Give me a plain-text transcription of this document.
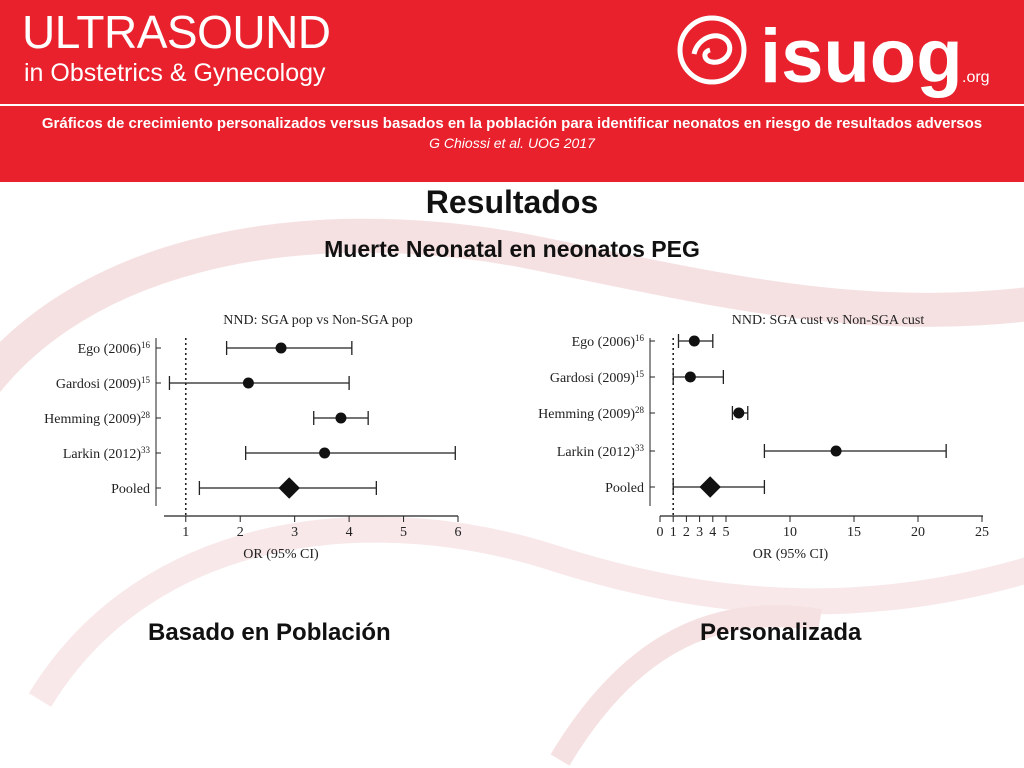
ULTRASOUND
in Obstetrics & Gynecology	isuog .org
Gráficos de crecimiento personalizados versus basados en la población para identificar neonatos en riesgo de resultados adversos
G Chiossi et al. UOG 2017
Resultados
Muerte Neonatal en neonatos PEG
NND: SGA pop vs Non-SGA pop
1	2	3	4	5	6
OR (95% CI)
Ego $(2006)^{16}$
Gardosi $(2009)^{15}$
Hemming $(2009)^{28}$
Larkin $(2012)^{33}$
Pooled
NND: SGA cust vs Non-SGA cust
0 1 2 3 4 5	10	15	20	25
OR (95% CI)
Ego $(2006)^{16}$
Gardosi $(2009)^{15}$
Hemming $(2009)^{28}$
Larkin $(2012)^{33}$
Pooled
Basado en Población	Personalizada
